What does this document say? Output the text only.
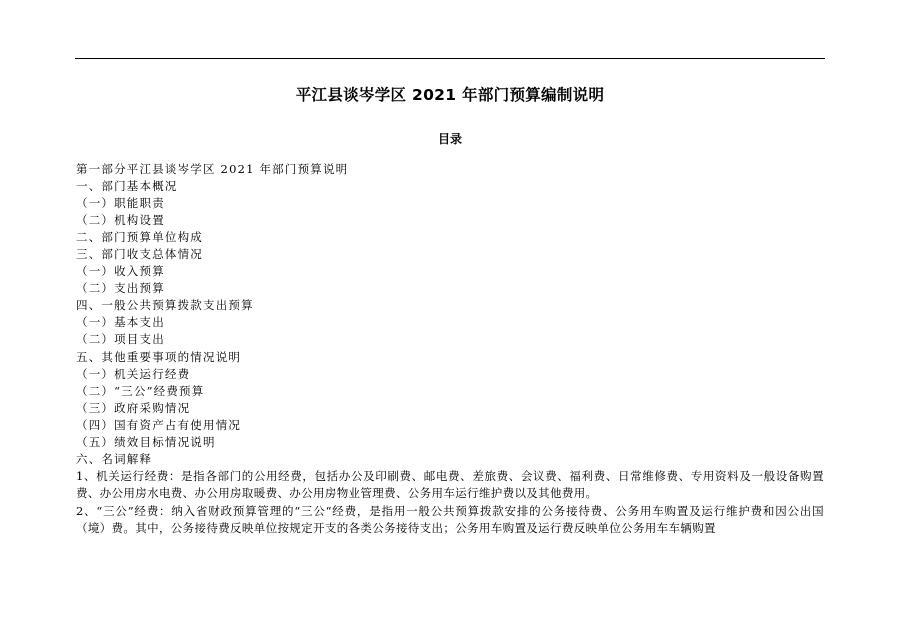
平江县谈岑学区 2021 年部门预算编制说明
目录
第一部分平江县谈岑学区 2021 年部门预算说明
一、部门基本概况
（一）职能职责
（二）机构设置
二、部门预算单位构成
三、部门收支总体情况
（一）收入预算
（二）支出预算
四、一般公共预算拨款支出预算
（一）基本支出
（二）项目支出
五、其他重要事项的情况说明
（一）机关运行经费
（二）“三公”经费预算
（三）政府采购情况
（四）国有资产占有使用情况
（五）绩效目标情况说明
六、名词解释

1、机关运行经费：是指各部门的公用经费，包括办公及印刷费、邮电费、差旅费、会议费、福利费、日常维修费、专用资料及一般设备购置费、办公用房水电费、办公用房取暖费、办公用房物业管理费、公务用车运行维护费以及其他费用。

2、“三公”经费：纳入省财政预算管理的“三公“经费，是指用一般公共预算拨款安排的公务接待费、公务用车购置及运行维护费和因公出国（境）费。其中，公务接待费反映单位按规定开支的各类公务接待支出；公务用车购置及运行费反映单位公务用车车辆购置
